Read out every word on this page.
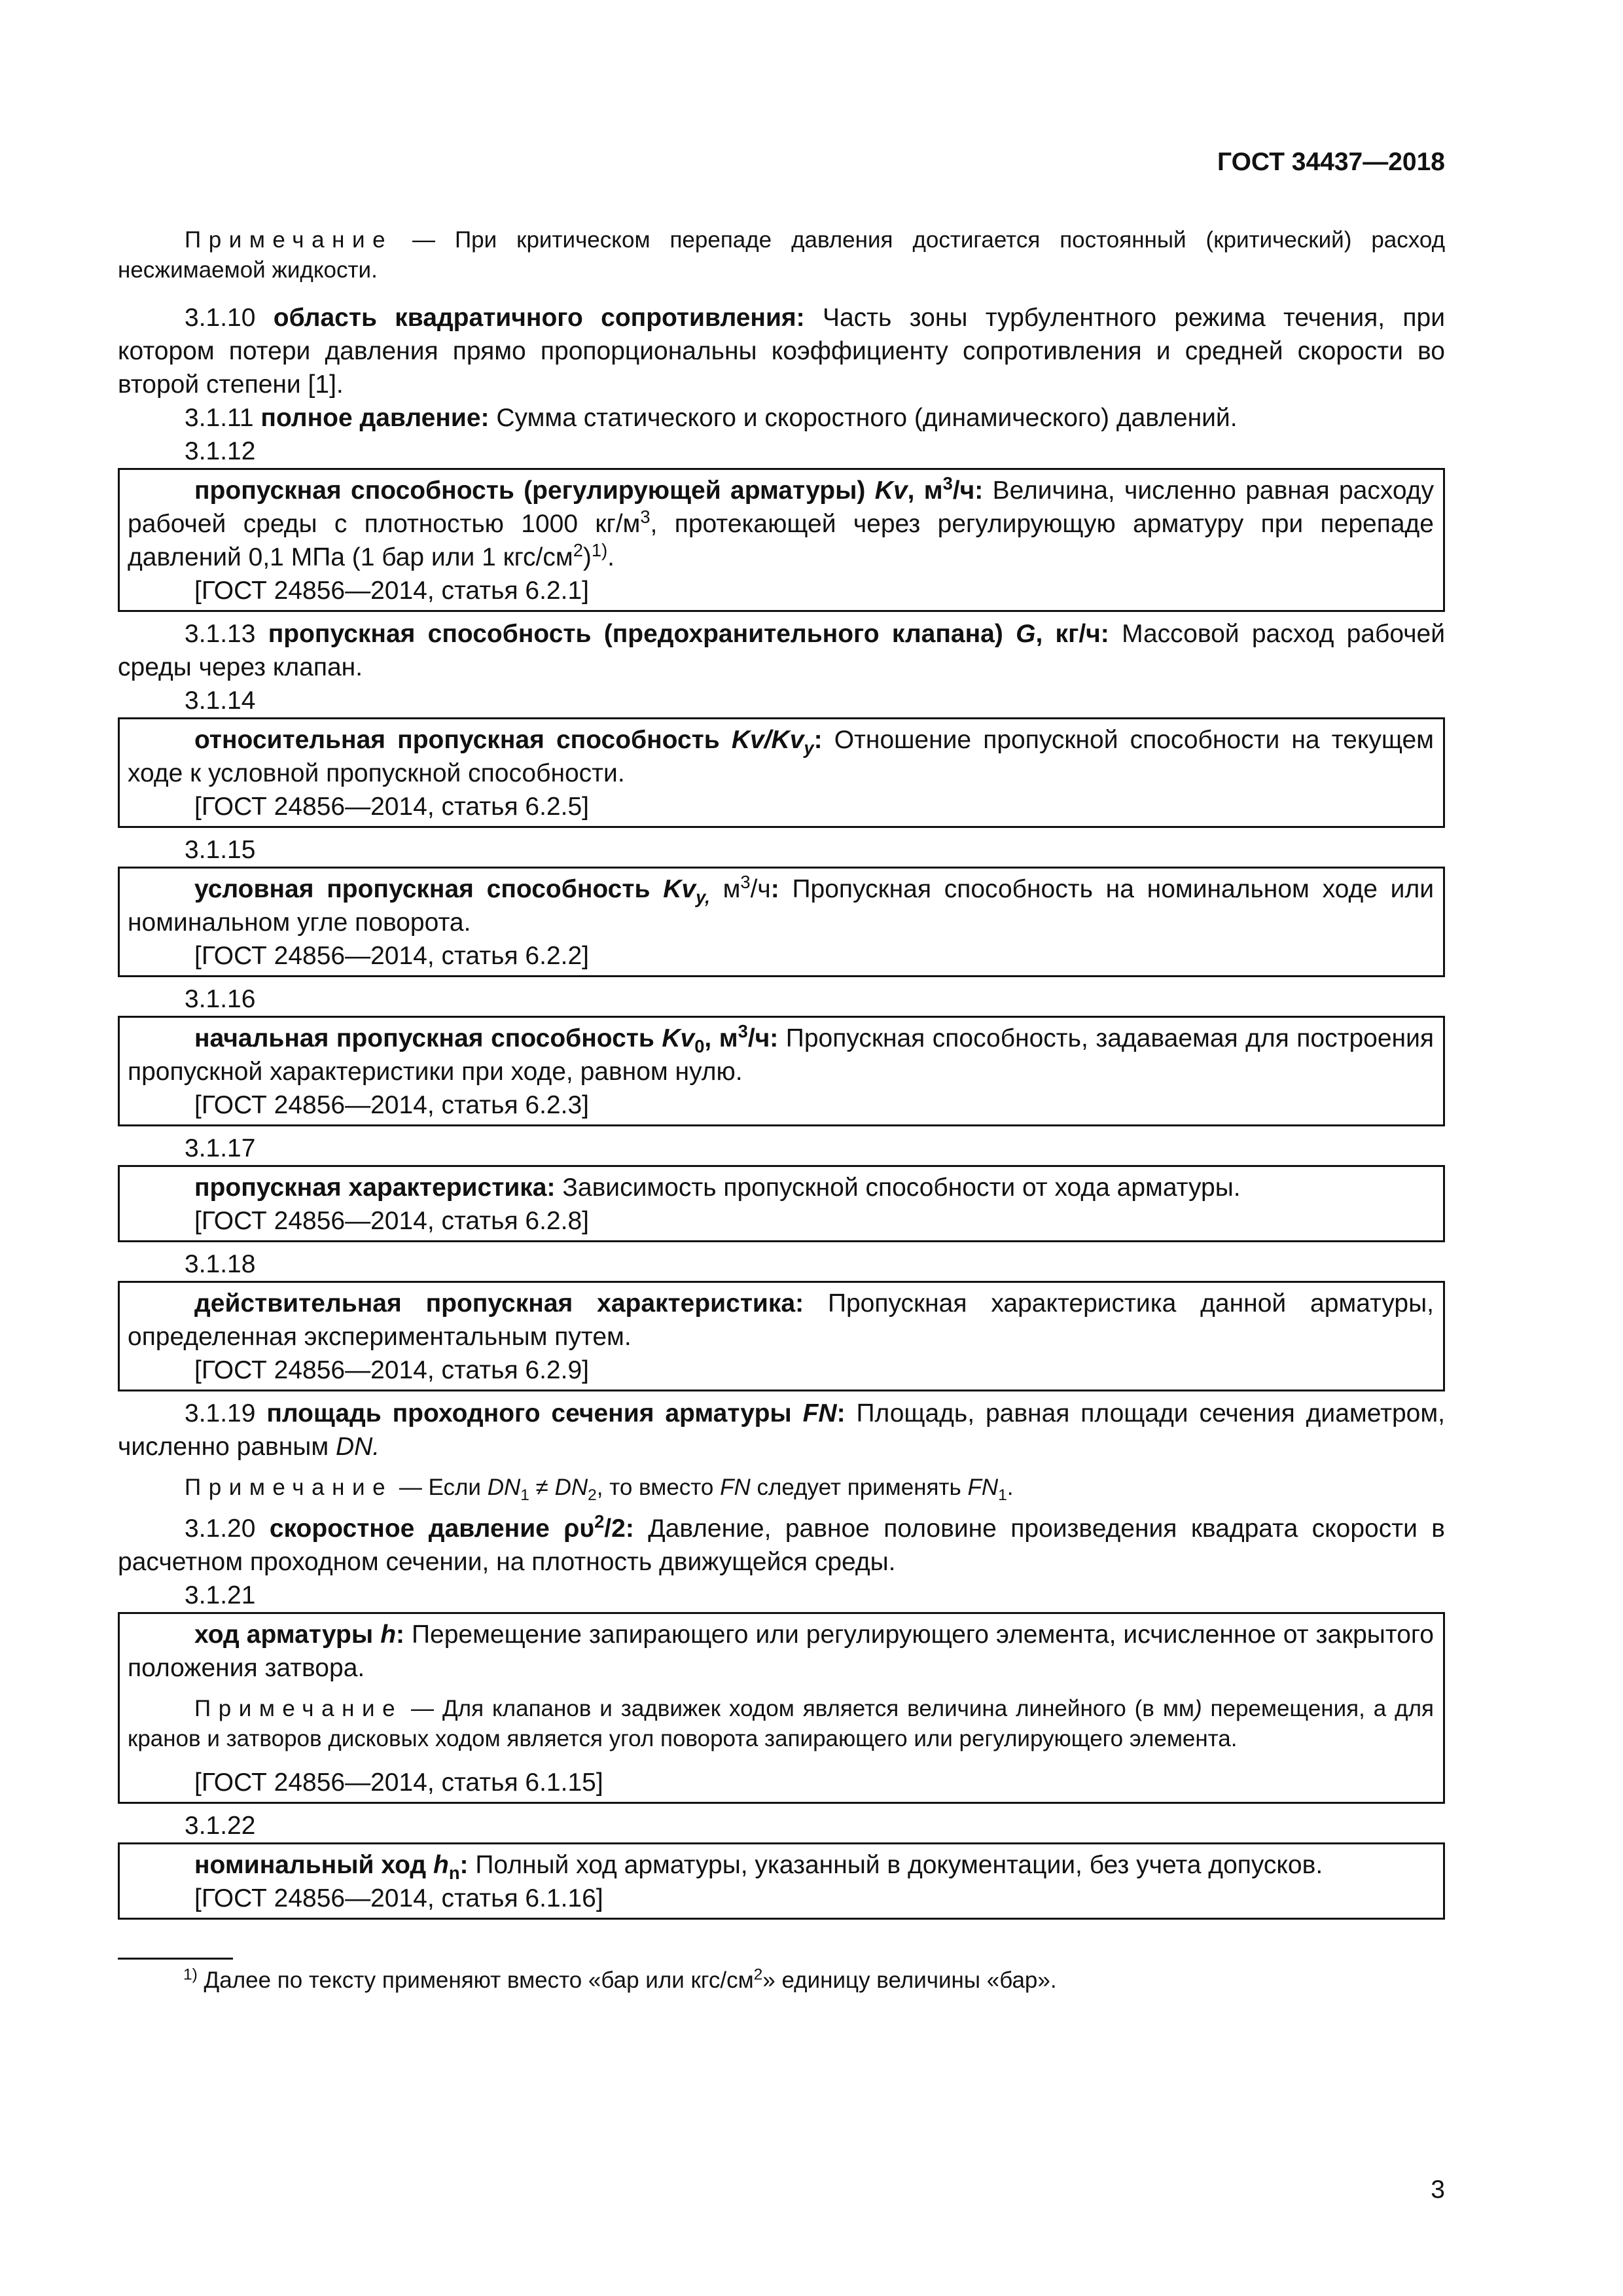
ГОСТ 34437—2018

Примечание — При критическом перепаде давления достигается постоянный (критический) расход несжимаемой жидкости.

3.1.10 область квадратичного сопротивления: Часть зоны турбулентного режима течения, при котором потери давления прямо пропорциональны коэффициенту сопротивления и средней скорости во второй степени [1].

3.1.11 полное давление: Сумма статического и скоростного (динамического) давлений.

3.1.12

пропускная способность (регулирующей арматуры) Kv, $м^3/ч$: Величина, численно равная расходу рабочей среды с плотностью 1000 $кг/м^3$, протекающей через регулирующую арматуру при перепаде давлений 0,1 МПа (1 бар или 1 кгс/$см^2)^{1)}$.

[ГОСТ 24856—2014, статья 6.2.1]

3.1.13 пропускная способность (предохранительного клапана) G, кг/ч: Массовой расход рабочей среды через клапан.

3.1.14

относительная пропускная способность $Kv/Kv_у$: Отношение пропускной способности на текущем ходе к условной пропускной способности.

[ГОСТ 24856—2014, статья 6.2.5]

3.1.15

условная пропускная способность $Kv_{у,}$ $м^3/ч$: Пропускная способность на номинальном ходе или номинальном угле поворота.

[ГОСТ 24856—2014, статья 6.2.2]

3.1.16

начальная пропускная способность $Kv_0$, $м^3/ч$: Пропускная способность, задаваемая для построения пропускной характеристики при ходе, равном нулю.

[ГОСТ 24856—2014, статья 6.2.3]

3.1.17

пропускная характеристика: Зависимость пропускной способности от хода арматуры.

[ГОСТ 24856—2014, статья 6.2.8]

3.1.18

действительная пропускная характеристика: Пропускная характеристика данной арматуры, определенная экспериментальным путем.

[ГОСТ 24856—2014, статья 6.2.9]

3.1.19 площадь проходного сечения арматуры FN: Площадь, равная площади сечения диаметром, численно равным DN.

Примечание — Если $DN_1 \ne DN_2$, то вместо FN следует применять $FN_1$.

3.1.20 скоростное давление $\rho\upsilon^2/2$: Давление, равное половине произведения квадрата скорости в расчетном проходном сечении, на плотность движущейся среды.

3.1.21

ход арматуры h: Перемещение запирающего или регулирующего элемента, исчисленное от закрытого положения затвора.

Примечание — Для клапанов и задвижек ходом является величина линейного (в мм) перемещения, а для кранов и затворов дисковых ходом является угол поворота запирающего или регулирующего элемента.

[ГОСТ 24856—2014, статья 6.1.15]

3.1.22

номинальный ход $h_n$: Полный ход арматуры, указанный в документации, без учета допусков.

[ГОСТ 24856—2014, статья 6.1.16]

$^{1)}$ Далее по тексту применяют вместо «бар или кгс/$см^2$» единицу величины «бар».

3
